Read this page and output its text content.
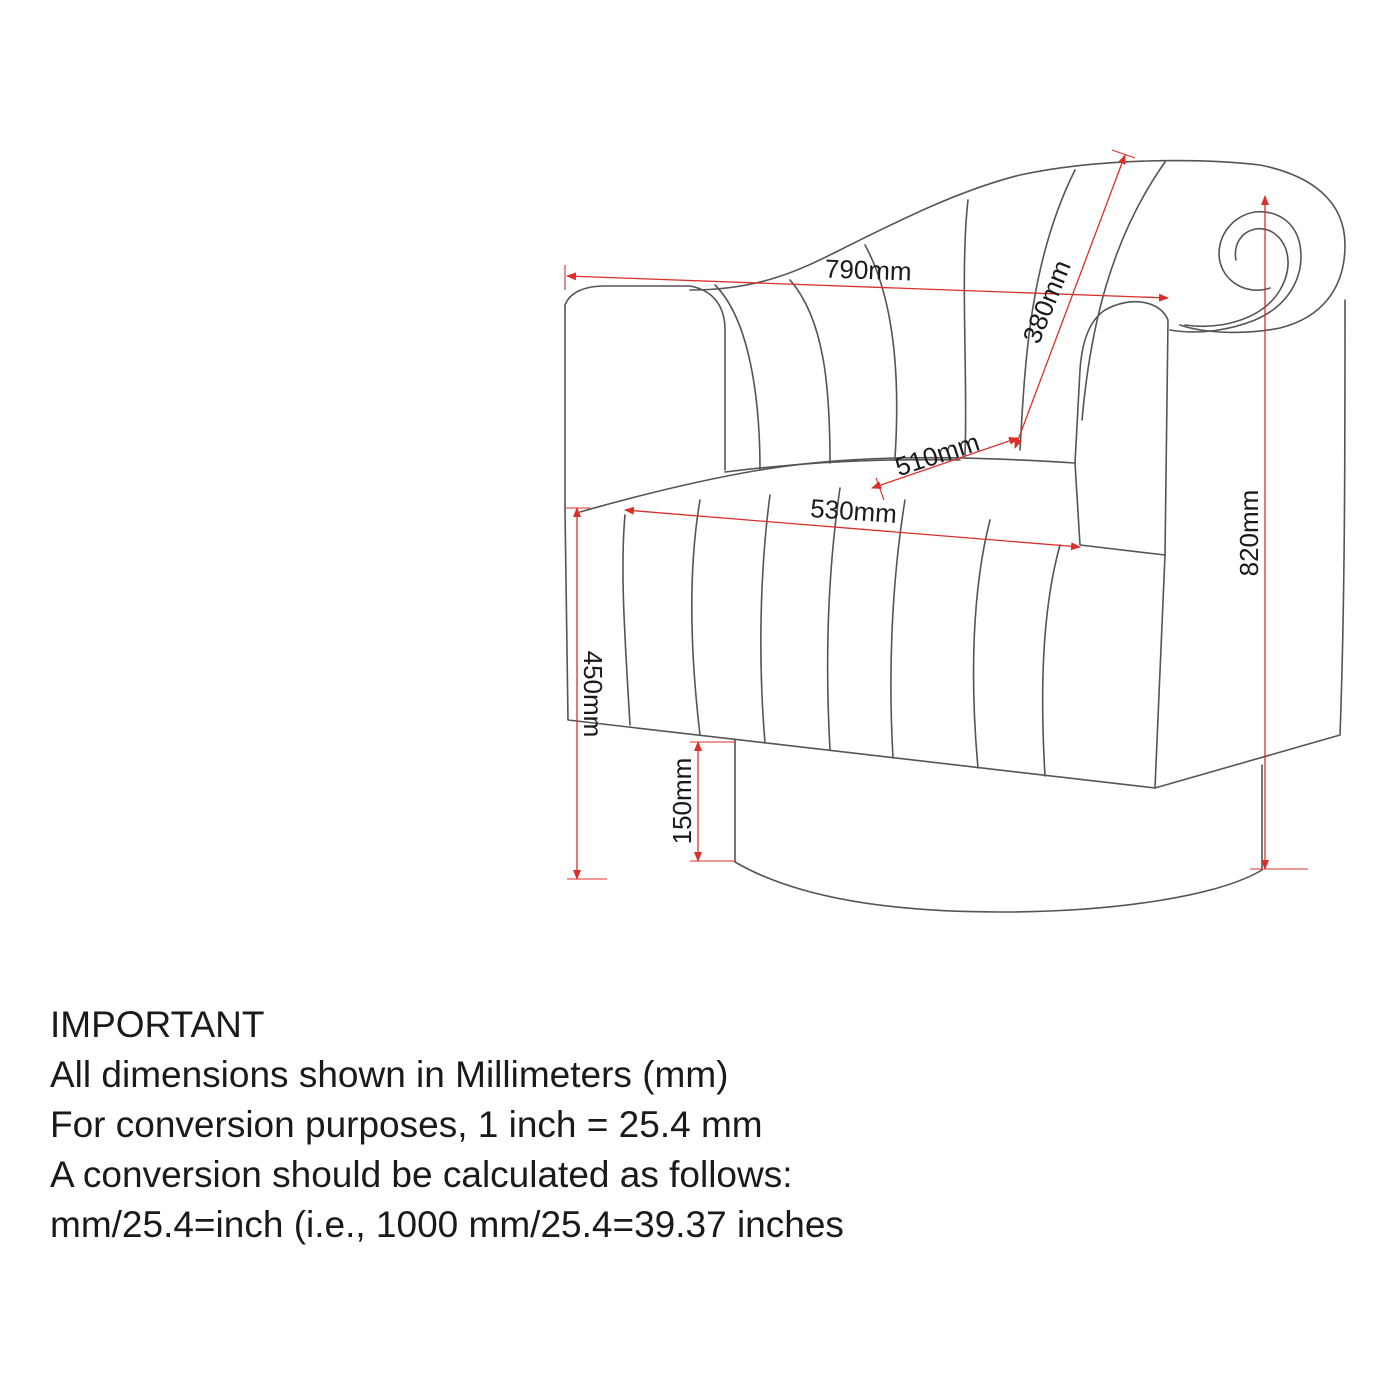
790mm	380mm
510mm
530mm	820mm
450mm
150mm
IMPORTANT
All dimensions shown in Millimeters (mm)
For conversion purposes, 1 inch = 25.4 mm
A conversion should be calculated as follows:
mm/25.4=inch (i.e., 1000 mm/25.4=39.37 inches
